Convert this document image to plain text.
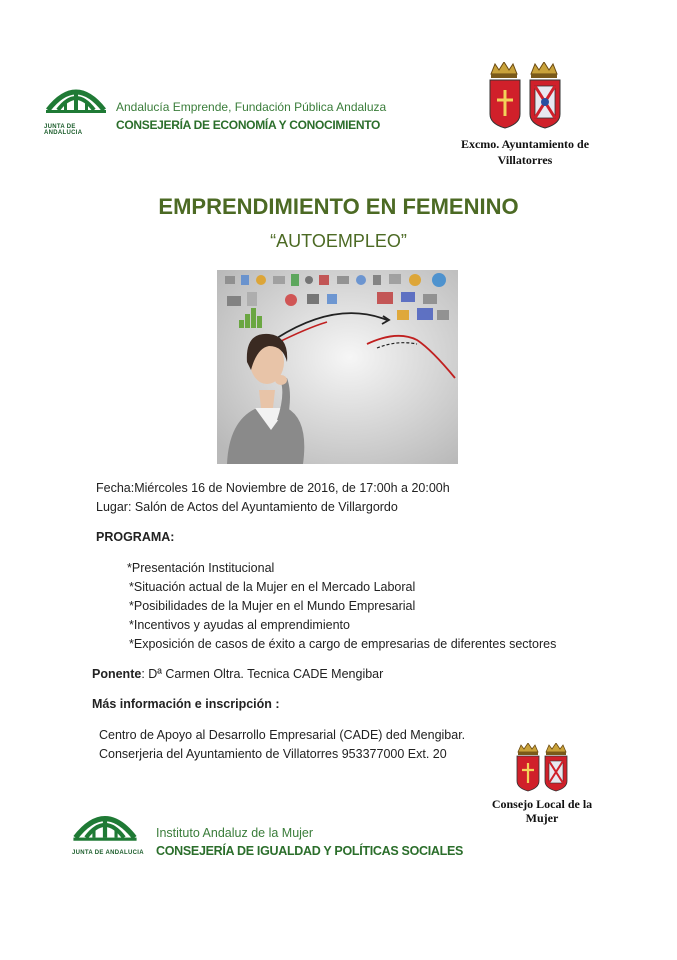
JUNTA DE ANDALUCIA
Andalucía Emprende, Fundación Pública Andaluza
CONSEJERÍA DE ECONOMÍA Y CONOCIMIENTO
Excmo. Ayuntamiento de
Villatorres
EMPRENDIMIENTO EN FEMENINO
“AUTOEMPLEO”
Fecha:Miércoles 16 de Noviembre de 2016, de 17:00h a 20:00h
Lugar: Salón de Actos del Ayuntamiento de Villargordo
PROGRAMA:
*Presentación Institucional
*Situación actual de la Mujer en el Mercado Laboral
*Posibilidades de la Mujer en el Mundo Empresarial
*Incentivos y ayudas al emprendimiento
*Exposición de casos de éxito a cargo de empresarias de diferentes sectores
Ponente: Dª Carmen Oltra. Tecnica CADE Mengibar
Más información e inscripción :
Centro de Apoyo al Desarrollo Empresarial (CADE) ded Mengibar.
Conserjeria del Ayuntamiento de Villatorres 953377000 Ext. 20
Consejo Local de la
Mujer
JUNTA DE ANDALUCIA
Instituto Andaluz de la Mujer
CONSEJERÍA DE IGUALDAD Y POLÍTICAS SOCIALES
